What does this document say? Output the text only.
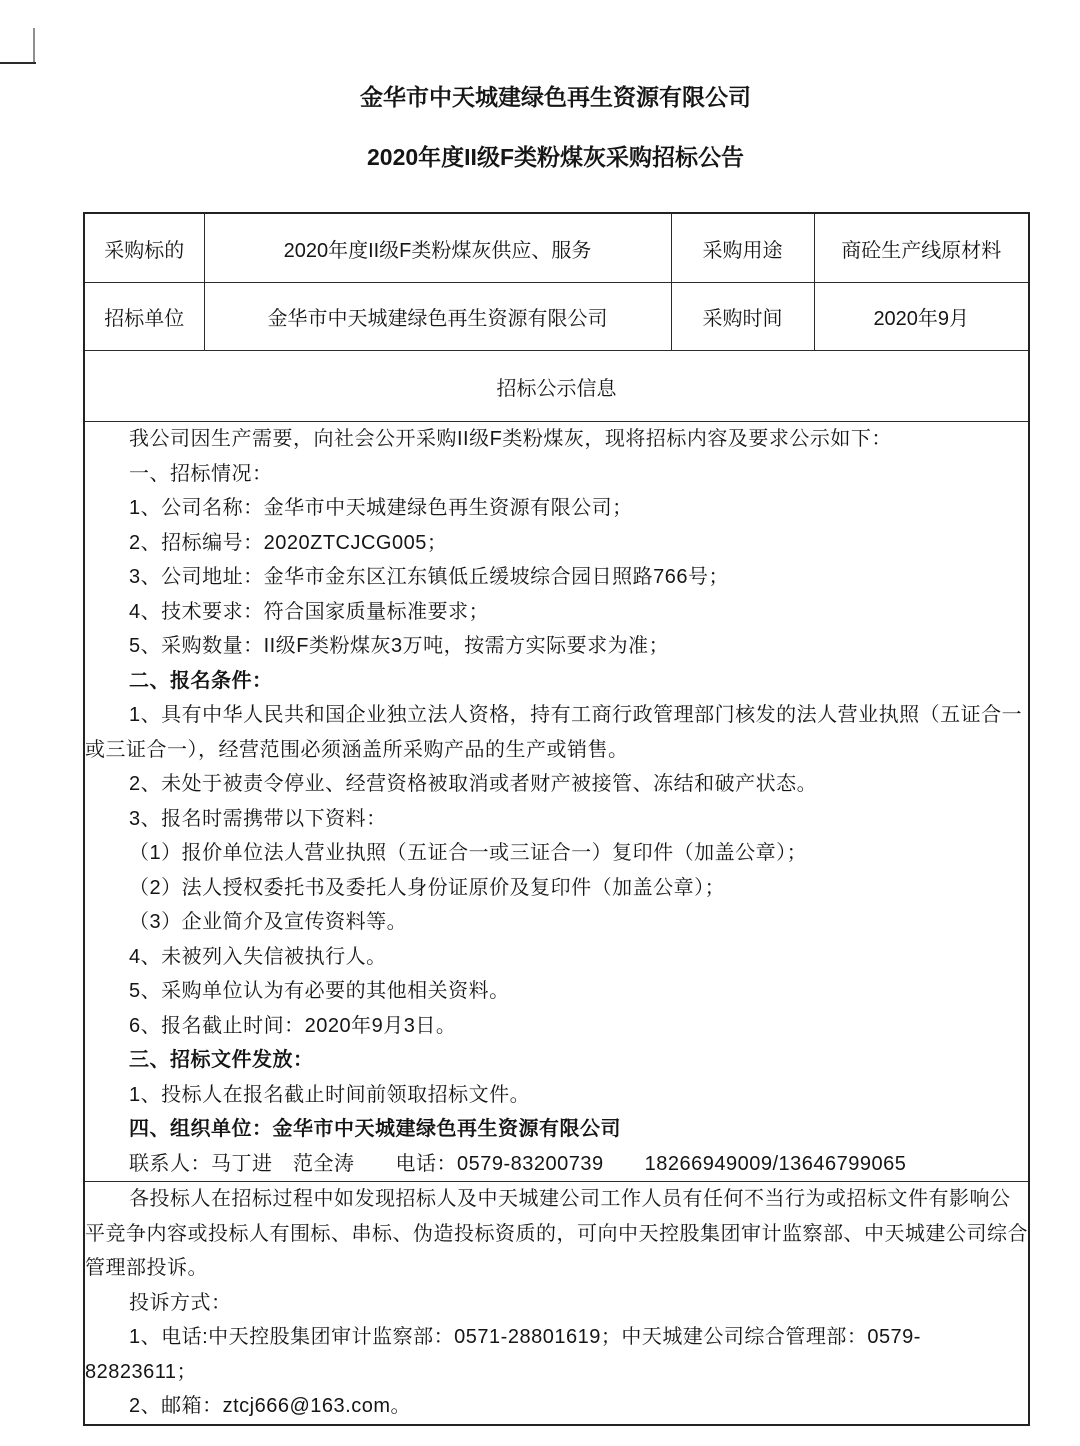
金华市中天城建绿色再生资源有限公司
2020年度II级F类粉煤灰采购招标公告
采购标的	2020年度II级F类粉煤灰供应、服务	采购用途	商砼生产线原材料
招标单位	金华市中天城建绿色再生资源有限公司	采购时间	2020年9月
招标公示信息			

我公司因生产需要，向社会公开采购II级F类粉煤灰，现将招标内容及要求公示如下：

一、招标情况：

1、公司名称：金华市中天城建绿色再生资源有限公司；

2、招标编号：2020ZTCJCG005；

3、公司地址：金华市金东区江东镇低丘缓坡综合园日照路766号；

4、技术要求：符合国家质量标准要求；

5、采购数量：II级F类粉煤灰3万吨，按需方实际要求为准；

二、报名条件：

1、具有中华人民共和国企业独立法人资格，持有工商行政管理部门核发的法人营业执照（五证合一或三证合一），经营范围必须涵盖所采购产品的生产或销售。

2、未处于被责令停业、经营资格被取消或者财产被接管、冻结和破产状态。

3、报名时需携带以下资料：

（1）报价单位法人营业执照（五证合一或三证合一）复印件（加盖公章）；

（2）法人授权委托书及委托人身份证原价及复印件（加盖公章）；

（3）企业简介及宣传资料等。

4、未被列入失信被执行人。

5、采购单位认为有必要的其他相关资料。

6、报名截止时间：2020年9月3日。

三、招标文件发放：

1、投标人在报名截止时间前领取招标文件。

四、组织单位：金华市中天城建绿色再生资源有限公司

联系人：马丁进　范全涛　　电话：0579-83200739　　18266949009/13646799065

各投标人在招标过程中如发现招标人及中天城建公司工作人员有任何不当行为或招标文件有影响公平竞争内容或投标人有围标、串标、伪造投标资质的，可向中天控股集团审计监察部、中天城建公司综合管理部投诉。

投诉方式：

1、电话:中天控股集团审计监察部：0571-28801619；中天城建公司综合管理部：0579-82823611；

2、邮箱：ztcj666@163.com。			
